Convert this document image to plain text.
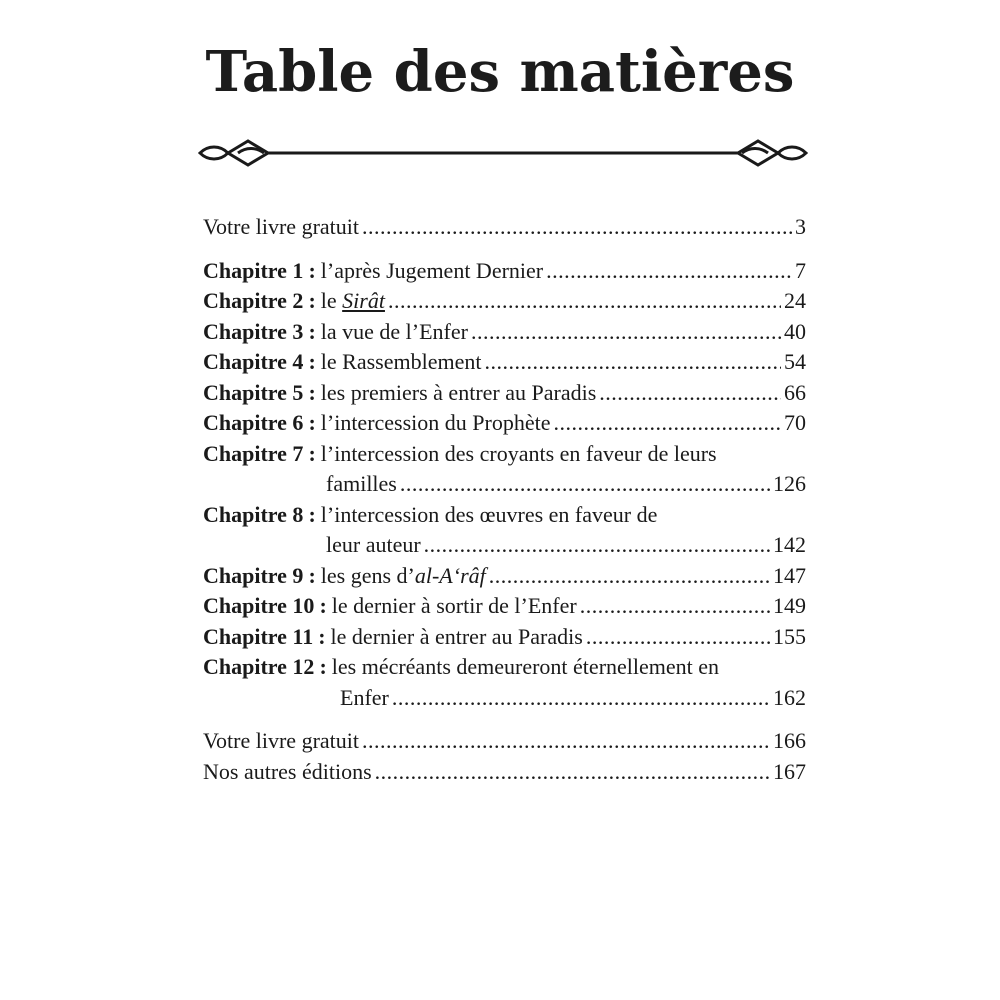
Table des matières
Votre livre gratuit .....	3
Chapitre 1 : l’après Jugement Dernier .....	7
Chapitre 2 : le Sirât .....	24
Chapitre 3 : la vue de l’Enfer .....	40
Chapitre 4 : le Rassemblement .....	54
Chapitre 5 : les premiers à entrer au Paradis .....	66
Chapitre 6 : l’intercession du Prophète .....	70
Chapitre 7 : l’intercession des croyants en faveur de leurs
familles .....	126
Chapitre 8 : l’intercession des œuvres en faveur de
leur auteur .....	142
Chapitre 9 : les gens d’ al-A‘râf .....	147
Chapitre 10 : le dernier à sortir de l’Enfer .....	149
Chapitre 11 : le dernier à entrer au Paradis .....	155
Chapitre 12 : les mécréants demeureront éternellement en
Enfer .....	162
Votre livre gratuit .....	166
Nos autres éditions .....	167
